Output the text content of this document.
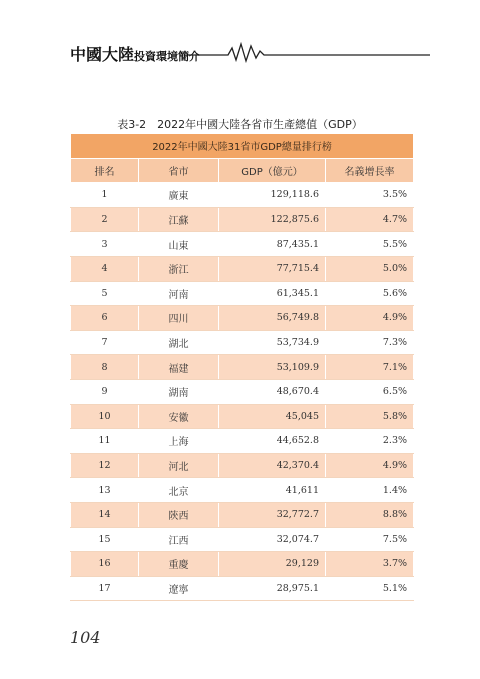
中國大陸投資環境簡介
表3-2　2022年中國大陸各省市生產總值（GDP）
2022年中國大陸31省市GDP總量排行榜			
排名	省市	GDP（億元）	名義增長率
1	廣東	129,118.6	3.5%
2	江蘇	122,875.6	4.7%
3	山東	87,435.1	5.5%
4	浙江	77,715.4	5.0%
5	河南	61,345.1	5.6%
6	四川	56,749.8	4.9%
7	湖北	53,734.9	7.3%
8	福建	53,109.9	7.1%
9	湖南	48,670.4	6.5%
10	安徽	45,045	5.8%
11	上海	44,652.8	2.3%
12	河北	42,370.4	4.9%
13	北京	41,611	1.4%
14	陝西	32,772.7	8.8%
15	江西	32,074.7	7.5%
16	重慶	29,129	3.7%
17	遼寧	28,975.1	5.1%
104
